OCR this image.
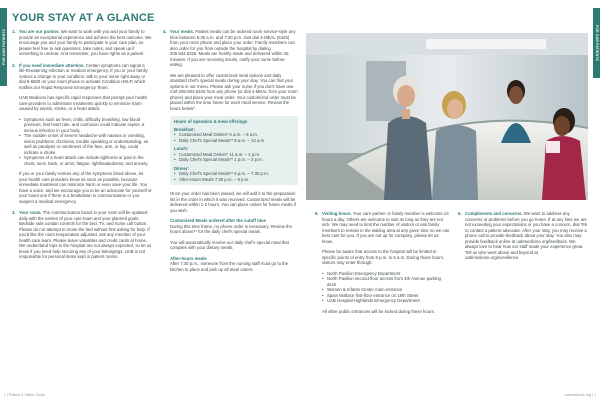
FOR OUR PATIENTS	FOR OUR PATIENTS
YOUR STAY AT A GLANCE
1. You are our partner. We want to work with you and your family to provide an exceptional experience and achieve the best outcome. We encourage you and your family to participate in your care plan, so please feel free to ask questions, take notes, and speak up if something is unclear. And remember, you have rights as a patient.
2. If you need immediate attention. Certain symptoms can signal a life-threatening infection or medical emergency. If you or your family notices a change in your condition, talk to your nurse right away or dial 5-6600 on your room phone to activate Condition HELP, which notifies our Rapid Response Emergency Team.
UAB Medicine has specific rapid responses that prompt your health care providers to administer treatments quickly to minimize harm caused by sepsis, stroke, or a heart attack.
• Symptoms such as fever, chills, difficulty breathing, low blood pressure, fast heart rate, and confusion could indicate sepsis, a serious infection in your body.
• The sudden onset of severe headache with nausea or vomiting, vision problems, dizziness, trouble speaking or understanding, as well as paralysis or numbness of the face, arm, or leg, could indicate a stroke.
• Symptoms of a heart attack can include tightness or pain in the chest, neck, back, or arms; fatigue; lightheadedness; and anxiety.
If you or your family notices any of the symptoms listed above, let your health care providers know as soon as possible, because immediate treatment can minimize harm or even save your life. You have a voice, and we encourage you to be an advocate for yourself or your loved one if there is a breakdown in communication or you suspect a medical emergency.
3. Your room. The communication board in your room will be updated daily with the names of your care team and your planned goals. Bedside rails contain controls for the bed, TV, and nurse call button. Please do not attempt to move the bed without first asking for help. If you'd like the room temperature adjusted, ask any member of your health care team. Please leave valuables and credit cards at home. We understand trips to the hospital are not always expected, so let us know if you need help securing any of your belongings. UAB is not responsible for personal items kept in patient rooms.
4. Your meals. Patient meals can be ordered room service-style any time between 6:30 a.m. and 7:30 p.m. Just dial 4-MEAL (6325) from your room phone and place your order. Family members can also order for you from outside the hospital by dialing 205.934.6325. Meals are freshly made and delivered within 45 minutes. If you are receiving insulin, notify your nurse before eating.
We are pleased to offer customized meal options and daily standard chef's special meals during your stay. You can find your options in our menu. Please ask your nurse if you don't have one. Call 205-934-6325 from any phone (or dial 4-MEAL from your room phone) and place your meal order. Your customized order must be placed within the time frame for each meal service. Review the hours below*.
Hours of operation & meal offerings
Breakfast:
• Customized Meal Orders* 6 a.m. – 8 a.m.
• Daily Chef's Special Meals** 8 a.m. – 10 a.m.
Lunch:
• Customized Meal Orders* 11 a.m. – 1 p.m.
• Daily Chef's Special Meals** 1 p.m. – 3 p.m.
Dinner:
• Daily Chef's Special Meals** 6 p.m. – 7:30 p.m.
• After-Hours Meals 7:30 p.m. – 9 p.m.
Once your order has been placed, we will add it to the preparation list in the order in which it was received. Customized meals will be delivered within 1-2 hours. You can place orders for future meals if you wish.
Customized Meals ordered after the cutoff time
During this time frame, no phone order is necessary. Review the hours above** for the daily chef's special meals.
You will automatically receive our daily chef's special meal that complies with your dietary needs.
After-hours meals
After 7:30 p.m., someone from the nursing staff must go to the kitchen to place and pick up all meal orders.
5. Visiting hours. Your care partner or family member is welcome 24 hours a day. Others are welcome to visit as long as they are not sick. We may need to limit the number of visitors or ask family members to remain in the waiting area at any given time so we can best care for you. If you are not up for company, please let us know.
Please be aware that access to the hospital will be limited to specific points of entry from 8 p.m. to 5 a.m. During those hours, visitors may enter through:
• North Pavilion Emergency Department
• North Pavilion second-floor access from 4th Avenue parking deck
• Women & Infants Center main entrance
• Spain Wallace first-floor entrance on 19th Street
• UAB Hospital-Highlands Emergency Department
All other public entrances will be locked during these hours.
6. Compliments and concerns. We want to address any concerns or problems before you go home. If at any time we are not exceeding your expectations or you have a concern, dial *55 to contact a patient advocate. After your stay, you may receive a phone call to provide feedback about your stay. You also may provide feedback online at uabmedicine.org/feedback. We always love to hear how our staff made your experience great. Tell us who went above and beyond at uabmedicine.org/excellence.
2 | Patient & Visitor Guide	uabmedicine.org | 3
